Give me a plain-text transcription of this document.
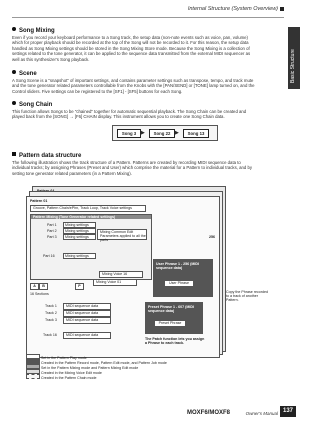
Internal Structure (System Overview)
Basic Structure
Song Mixing
Even if you record your keyboard performance to a Song track, the setup data (non-note events such as voice, pan, volume) which for proper playback should be recorded at the top of the Song will not be recorded to it. For this reason, the setup data handled as Song Mixing settings should be stored in the Song Mixing Store mode. Because the Song Mixing is a collection of settings related to the tone generator, it can be applied to the sequence data transmitted from the external MIDI sequencer as well as this synthesizer's Song playback.
Scene
A Song Scene is a "snapshot" of important settings, and contains parameter settings such as transpose, tempo, and track mute and the tone generator related parameters controllable from the Knobs with the [PAN/SEND] or [TONE] lamp turned on, and the Control sliders. Five settings can be registered to the [SF1] - [SF5] buttons for each Song.
Song Chain
This function allows Songs to be "chained" together for automatic sequential playback. The Song Chain can be created and played back from the [SONG] → [F6] CHAIN display. This instrument allows you to create one Song Chain data.
Song 3 ▶	Song 22 ▶	Song 13
Pattern data structure
The following illustration shows the track structure of a Pattern. Patterns are created by recording MIDI sequence data to individual tracks; by assigning Phrases (Preset and User) which comprise the material for a Pattern to individual tracks, and by setting tone generator related parameters (in a Pattern Mixing).
Pattern 01
Groove, Pattern Chain/ePhn, Track Loop, Track Voice settings
Pattern Mixing (Tone Generator related settings)
Part 1	Mixing settings
Part 2	Mixing settings
Part 3	Mixing settings
Part 16	Mixing settings
Mixing Common Edit Parameters applied to all the parts
A	B	P
16 Sections
Mixing Voice 16
Mixing Voice 01
User Phrase 1 - 256 (MIDI sequence data)
User Phrase
256
Track 1	MIDI sequence data
Track 2	MIDI sequence data
Track 3	MIDI sequence data
Track 16	MIDI sequence data
Preset Phrase 1 - 607 (MIDI sequence data)
Preset Phrase
The Patch function lets you assign a Phrase to each track.
Copy the Phrase recorded to a track of another Pattern.
Set in the Pattern Play mode
Created in the Pattern Record mode, Pattern Edit mode, and Pattern Job mode
Set in the Pattern Mixing mode and Pattern Mixing Edit mode
Created in the Mixing Voice Edit mode
Created in the Pattern Chain mode
MOXF6/MOXF8	Owner's Manual 137
